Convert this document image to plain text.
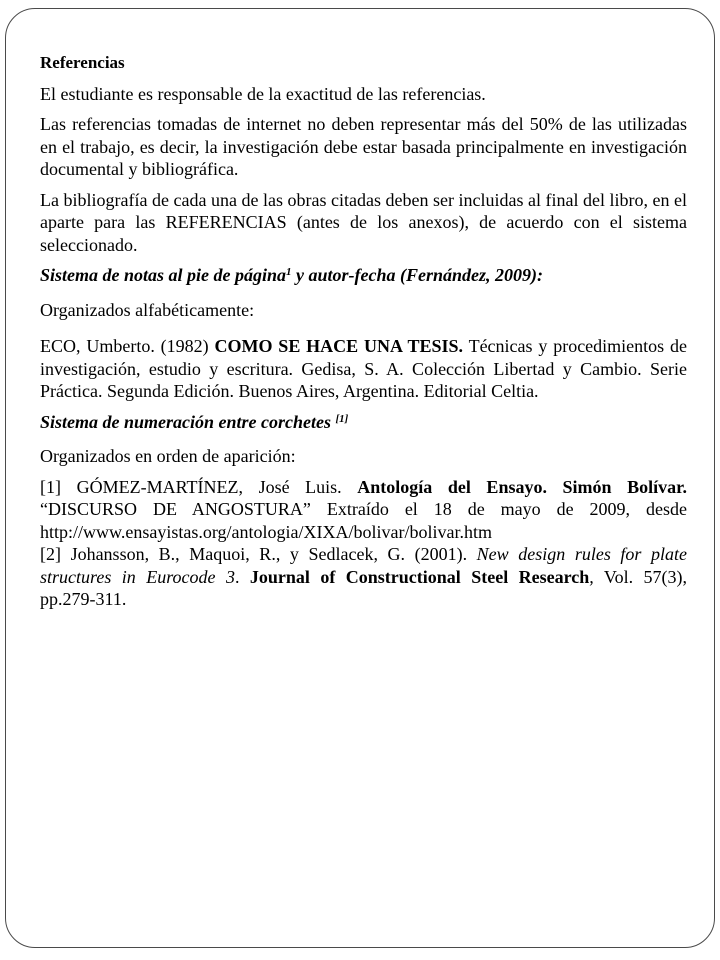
Referencias

El estudiante es responsable de la exactitud de las referencias.

Las referencias tomadas de internet no deben representar más del 50% de las utilizadas en el trabajo, es decir, la investigación debe estar basada principalmente en investigación documental y bibliográfica.

La bibliografía de cada una de las obras citadas deben ser incluidas al final del libro, en el aparte para las REFERENCIAS (antes de los anexos), de acuerdo con el sistema seleccionado.

Sistema de notas al pie de página$^1$ y autor-fecha (Fernández, 2009):

Organizados alfabéticamente:

ECO, Umberto. (1982) COMO SE HACE UNA TESIS. Técnicas y procedimientos de investigación, estudio y escritura. Gedisa, S. A. Colección Libertad y Cambio. Serie Práctica. Segunda Edición. Buenos Aires, Argentina. Editorial Celtia.

Sistema de numeración entre corchetes [1]

Organizados en orden de aparición:

[1] GÓMEZ-MARTÍNEZ, José Luis. Antología del Ensayo. Simón Bolívar. “DISCURSO DE ANGOSTURA” Extraído el 18 de mayo de 2009, desde http://www.ensayistas.org/antologia/XIXA/bolivar/bolivar.htm

[2] Johansson, B., Maquoi, R., y Sedlacek, G. (2001). New design rules for plate structures in Eurocode 3. Journal of Constructional Steel Research, Vol. 57(3), pp.279-311.
